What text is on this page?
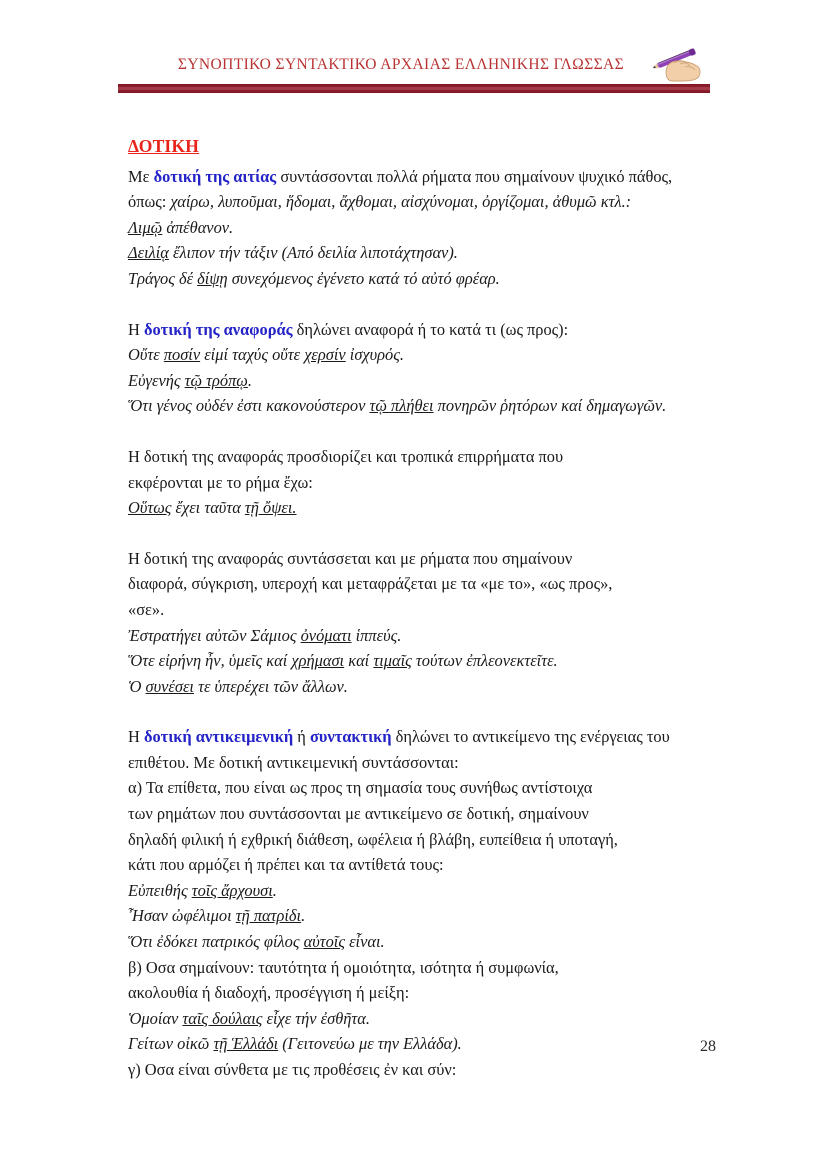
ΣΥΝΟΠΤΙΚΟ ΣΥΝΤΑΚΤΙΚΟ ΑΡΧΑΙΑΣ ΕΛΛΗΝΙΚΗΣ ΓΛΩΣΣΑΣ
ΔΟΤΙΚΗ
Με δοτική της αιτίας συντάσσονται πολλά ρήματα που σημαίνουν ψυχικό πάθος, όπως: χαίρω, λυποῦμαι, ἥδομαι, ἄχθομαι, αἰσχύνομαι, ὀργίζομαι, ἀθυμῶ κτλ.:
Λιμῷ ἀπέθανον.
Δειλίᾳ ἔλιπον τήν τάξιν (Από δειλία λιποτάχτησαν).
Τράγος δέ δίψῃ συνεχόμενος ἐγένετο κατά τό αὐτό φρέαρ.
Η δοτική της αναφοράς δηλώνει αναφορά ή το κατά τι (ως προς):
Οὔτε ποσίν εἰμί ταχύς οὔτε χερσίν ἰσχυρός.
Εὐγενής τῷ τρόπῳ.
Ὅτι γένος οὐδέν ἐστι κακονούστερον τῷ πλήθει πονηρῶν ῥητόρων καί δημαγωγῶν.
Η δοτική της αναφοράς προσδιορίζει και τροπικά επιρρήματα που
εκφέρονται με το ρήμα ἔχω:
Οὕτως ἔχει ταῦτα τῇ ὄψει.
Η δοτική της αναφοράς συντάσσεται και με ρήματα που σημαίνουν
διαφορά, σύγκριση, υπεροχή και μεταφράζεται με τα «με το», «ως προς»,
«σε».
Ἐστρατήγει αὐτῶν Σάμιος ὀνόματι ἱππεύς.
Ὅτε εἰρήνη ἦν, ὑμεῖς καί χρήμασι καί τιμαῖς τούτων ἐπλεονεκτεῖτε.
Ὁ συνέσει τε ὑπερέχει τῶν ἄλλων.
Η δοτική αντικειμενική ή συντακτική δηλώνει το αντικείμενο της ενέργειας του επιθέτου. Με δοτική αντικειμενική συντάσσονται:
α) Τα επίθετα, που είναι ως προς τη σημασία τους συνήθως αντίστοιχα
των ρημάτων που συντάσσονται με αντικείμενο σε δοτική, σημαίνουν
δηλαδή φιλική ή εχθρική διάθεση, ωφέλεια ή βλάβη, ευπείθεια ή υποταγή,
κάτι που αρμόζει ή πρέπει και τα αντίθετά τους:
Εὐπειθής τοῖς ἄρχουσι.
Ἦσαν ὠφέλιμοι τῇ πατρίδι.
Ὅτι ἐδόκει πατρικός φίλος αὐτοῖς εἶναι.
β) Οσα σημαίνουν: ταυτότητα ή ομοιότητα, ισότητα ή συμφωνία,
ακολουθία ή διαδοχή, προσέγγιση ή μείξη:
Ὁμοίαν ταῖς δούλαις εἶχε τήν ἐσθῆτα.
Γείτων οἰκῶ τῇ Ἑλλάδι (Γειτονεύω με την Ελλάδα).
γ) Οσα είναι σύνθετα με τις προθέσεις ἐν και σύν:
28
